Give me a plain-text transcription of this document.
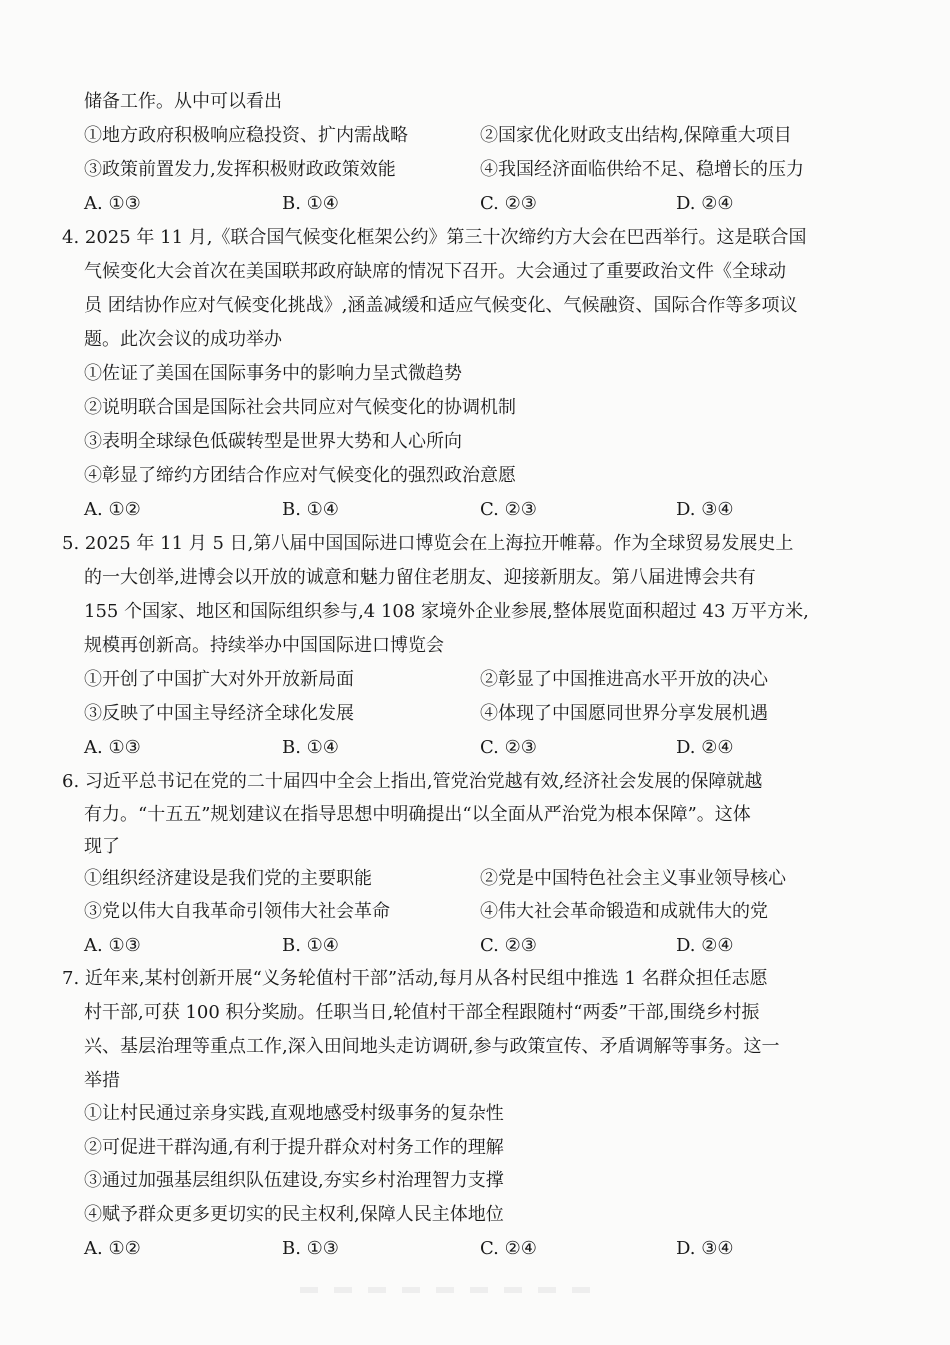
储备工作。从中可以看出
①地方政府积极响应稳投资、扩内需战略	②国家优化财政支出结构,保障重大项目
③政策前置发力,发挥积极财政政策效能	④我国经济面临供给不足、稳增长的压力
A. ①③	B. ①④	C. ②③	D. ②④
4. 2025 年 11 月,《联合国气候变化框架公约》第三十次缔约方大会在巴西举行。这是联合国
气候变化大会首次在美国联邦政府缺席的情况下召开。大会通过了重要政治文件《全球动
员 团结协作应对气候变化挑战》,涵盖减缓和适应气候变化、气候融资、国际合作等多项议
题。此次会议的成功举办
①佐证了美国在国际事务中的影响力呈式微趋势
②说明联合国是国际社会共同应对气候变化的协调机制
③表明全球绿色低碳转型是世界大势和人心所向
④彰显了缔约方团结合作应对气候变化的强烈政治意愿
A. ①②	B. ①④	C. ②③	D. ③④
5. 2025 年 11 月 5 日,第八届中国国际进口博览会在上海拉开帷幕。作为全球贸易发展史上
的一大创举,进博会以开放的诚意和魅力留住老朋友、迎接新朋友。第八届进博会共有
155 个国家、地区和国际组织参与,4 108 家境外企业参展,整体展览面积超过 43 万平方米,
规模再创新高。持续举办中国国际进口博览会
①开创了中国扩大对外开放新局面	②彰显了中国推进高水平开放的决心
③反映了中国主导经济全球化发展	④体现了中国愿同世界分享发展机遇
A. ①③	B. ①④	C. ②③	D. ②④
6. 习近平总书记在党的二十届四中全会上指出,管党治党越有效,经济社会发展的保障就越
有力。“十五五”规划建议在指导思想中明确提出“以全面从严治党为根本保障”。这体
现了
①组织经济建设是我们党的主要职能	②党是中国特色社会主义事业领导核心
③党以伟大自我革命引领伟大社会革命	④伟大社会革命锻造和成就伟大的党
A. ①③	B. ①④	C. ②③	D. ②④
7. 近年来,某村创新开展“义务轮值村干部”活动,每月从各村民组中推选 1 名群众担任志愿
村干部,可获 100 积分奖励。任职当日,轮值村干部全程跟随村“两委”干部,围绕乡村振
兴、基层治理等重点工作,深入田间地头走访调研,参与政策宣传、矛盾调解等事务。这一
举措
①让村民通过亲身实践,直观地感受村级事务的复杂性
②可促进干群沟通,有利于提升群众对村务工作的理解
③通过加强基层组织队伍建设,夯实乡村治理智力支撑
④赋予群众更多更切实的民主权利,保障人民主体地位
A. ①②	B. ①③	C. ②④	D. ③④
